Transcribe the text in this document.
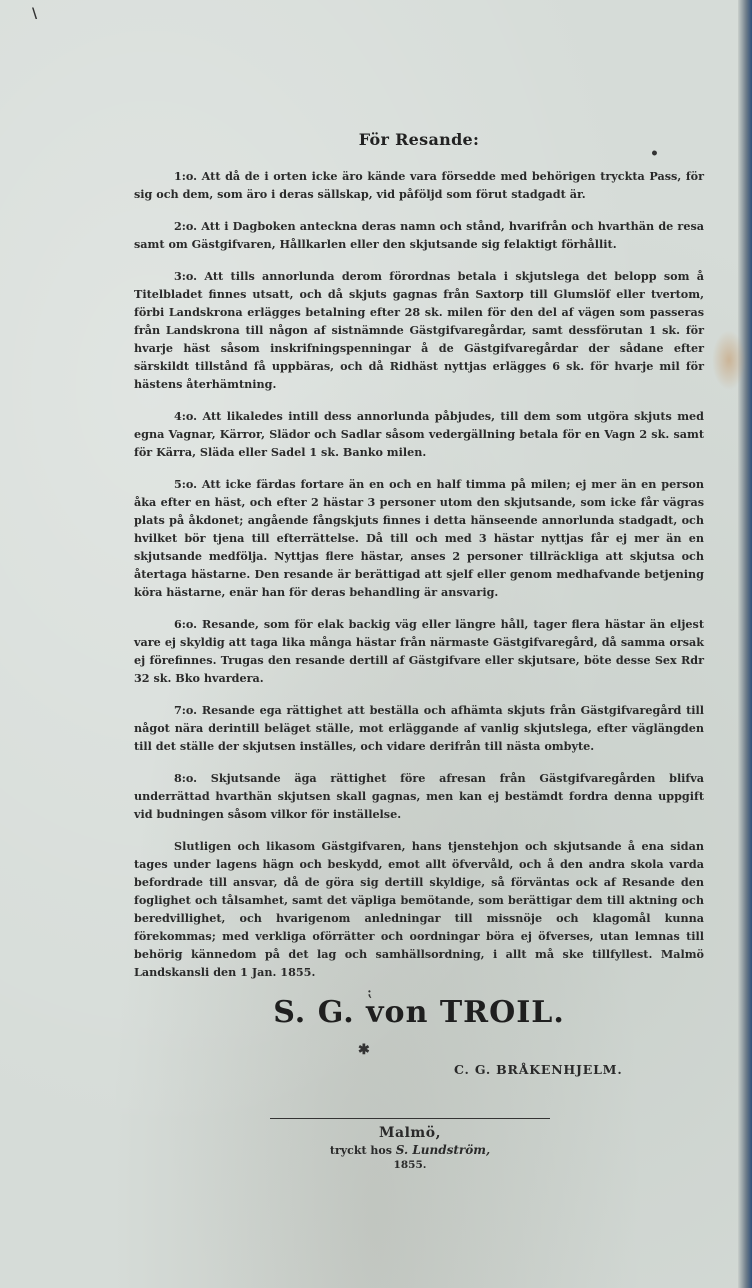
\
•
⁏
✱
För Resande:

1:o. Att då de i orten icke äro kände vara försedde med behörigen tryckta Pass, för sig och dem, som äro i deras sällskap, vid påföljd som förut stadgadt är.

2:o. Att i Dagboken anteckna deras namn och stånd, hvarifrån och hvarthän de resa samt om Gästgifvaren, Hållkarlen eller den skjutsande sig felaktigt förhållit.

3:o. Att tills annorlunda derom förordnas betala i skjutslega det belopp som å Titelbladet finnes utsatt, och då skjuts gagnas från Saxtorp till Glumslöf eller tvertom, förbi Landskrona erlägges betalning efter 28 sk. milen för den del af vägen som passeras från Landskrona till någon af sistnämnde Gästgifvaregårdar, samt dessförutan 1 sk. för hvarje häst såsom inskrifningspenningar å de Gästgifvaregårdar der sådane efter särskildt tillstånd få uppbäras, och då Ridhäst nyttjas erlägges 6 sk. för hvarje mil för hästens återhämtning.

4:o. Att likaledes intill dess annorlunda påbjudes, till dem som utgöra skjuts med egna Vagnar, Kärror, Slädor och Sadlar såsom vedergällning betala för en Vagn 2 sk. samt för Kärra, Släda eller Sadel 1 sk. Banko milen.

5:o. Att icke färdas fortare än en och en half timma på milen; ej mer än en person åka efter en häst, och efter 2 hästar 3 personer utom den skjutsande, som icke får vägras plats på åkdonet; angående fångskjuts finnes i detta hänseende annorlunda stadgadt, och hvilket bör tjena till efterrättelse. Då till och med 3 hästar nyttjas får ej mer än en skjutsande medfölja. Nyttjas flere hästar, anses 2 personer tillräckliga att skjutsa och återtaga hästarne. Den resande är berättigad att sjelf eller genom medhafvande betjening köra hästarne, enär han för deras behandling är ansvarig.

6:o. Resande, som för elak backig väg eller längre håll, tager flera hästar än eljest vare ej skyldig att taga lika många hästar från närmaste Gästgifvaregård, då samma orsak ej förefinnes. Trugas den resande dertill af Gästgifvare eller skjutsare, böte desse Sex Rdr 32 sk. Bko hvardera.

7:o. Resande ega rättighet att beställa och afhämta skjuts från Gästgifvaregård till något nära derintill beläget ställe, mot erläggande af vanlig skjutslega, efter väglängden till det ställe der skjutsen inställes, och vidare derifrån till nästa ombyte.

8:o. Skjutsande äga rättighet före afresan från Gästgifvaregården blifva underrättad hvarthän skjutsen skall gagnas, men kan ej bestämdt fordra denna uppgift vid budningen såsom vilkor för inställelse.

Slutligen och likasom Gästgifvaren, hans tjenstehjon och skjutsande å ena sidan tages under lagens hägn och beskydd, emot allt öfvervåld, och å den andra skola varda befordrade till ansvar, då de göra sig dertill skyldige, så förväntas ock af Resande den foglighet och tålsamhet, samt det väpliga bemötande, som berättigar dem till aktning och beredvillighet, och hvarigenom anledningar till missnöje och klagomål kunna förekommas; med verkliga oförrätter och oordningar böra ej öfverses, utan lemnas till behörig kännedom på det lag och samhällsordning, i allt må ske tillfyllest. Malmö Landskansli den 1 Jan. 1855.

S. G. von TROIL.
C. G. BRÅKENHJELM.
Malmö,
tryckt hos S. Lundström,
1855.
